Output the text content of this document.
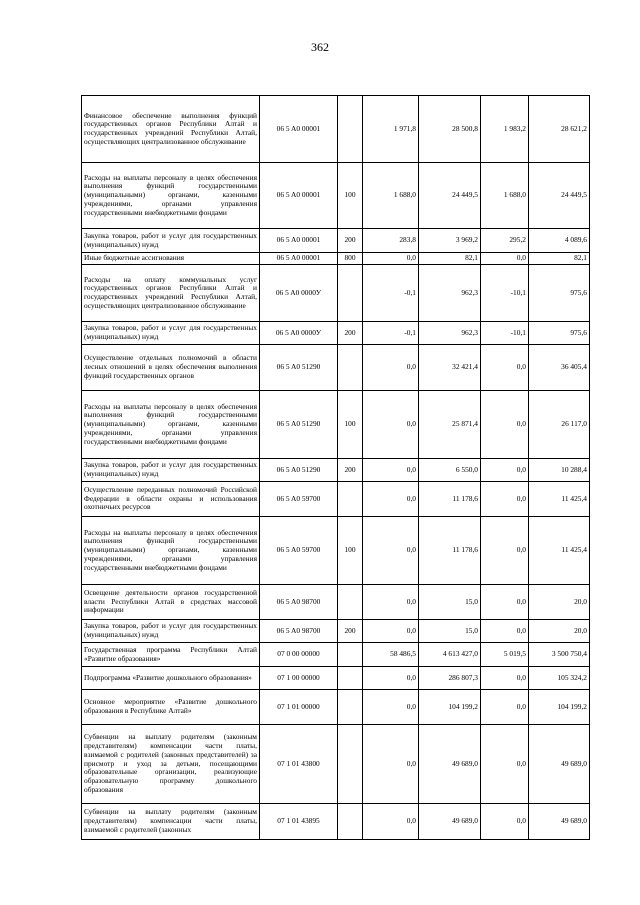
362
Финансовое обеспечение выполнения функций государственных органов Республики Алтай и государственных учреждений Республики Алтай, осуществляющих централизованное обслуживание	06 5 A0 00001		1 971,8	28 500,8	1 983,2	28 621,2
Расходы на выплаты персоналу в целях обеспечения выполнения функций государственными (муниципальными) органами, казенными учреждениями, органами управления государственными внебюджетными фондами	06 5 A0 00001	100	1 688,0	24 449,5	1 688,0	24 449,5
Закупка товаров, работ и услуг для государственных (муниципальных) нужд	06 5 A0 00001	200	283,8	3 969,2	295,2	4 089,6
Иные бюджетные ассигнования	06 5 A0 00001	800	0,0	82,1	0,0	82,1
Расходы на оплату коммунальных услуг государственных органов Республики Алтай и государственных учреждений Республики Алтай, осуществляющих централизованное обслуживание	06 5 A0 0000У		-0,1	962,3	-10,1	975,6
Закупка товаров, работ и услуг для государственных (муниципальных) нужд	06 5 A0 0000У	200	-0,1	962,3	-10,1	975,6
Осуществление отдельных полномочий в области лесных отношений в целях обеспечения выполнения функций государственных органов	06 5 A0 51290		0,0	32 421,4	0,0	36 405,4
Расходы на выплаты персоналу в целях обеспечения выполнения функций государственными (муниципальными) органами, казенными учреждениями, органами управления государственными внебюджетными фондами	06 5 A0 51290	100	0,0	25 871,4	0,0	26 117,0
Закупка товаров, работ и услуг для государственных (муниципальных) нужд	06 5 A0 51290	200	0,0	6 550,0	0,0	10 288,4
Осуществление переданных полномочий Российской Федерации в области охраны и использования охотничьих ресурсов	06 5 A0 59700		0,0	11 178,6	0,0	11 425,4
Расходы на выплаты персоналу в целях обеспечения выполнения функций государственными (муниципальными) органами, казенными учреждениями, органами управления государственными внебюджетными фондами	06 5 A0 59700	100	0,0	11 178,6	0,0	11 425,4
Освещение деятельности органов государственной власти Республики Алтай в средствах массовой информации	06 5 A0 98700		0,0	15,0	0,0	20,0
Закупка товаров, работ и услуг для государственных (муниципальных) нужд	06 5 A0 98700	200	0,0	15,0	0,0	20,0
Государственная программа Республики Алтай «Развитие образования»	07 0 00 00000		58 486,5	4 613 427,0	5 019,5	3 500 750,4
Подпрограмма «Развитие дошкольного образования»	07 1 00 00000		0,0	286 807,3	0,0	105 324,2
Основное мероприятие «Развитие дошкольного образования в Республике Алтай»	07 1 01 00000		0,0	104 199,2	0,0	104 199,2
Субвенции на выплату родителям (законным представителям) компенсации части платы, взимаемой с родителей (законных представителей) за присмотр и уход за детьми, посещающими образовательные организации, реализующие образовательную программу дошкольного образования	07 1 01 43800		0,0	49 689,0	0,0	49 689,0
Субвенции на выплату родителям (законным представителям) компенсации части платы, взимаемой с родителей (законных	07 1 01 43895		0,0	49 689,0	0,0	49 689,0
